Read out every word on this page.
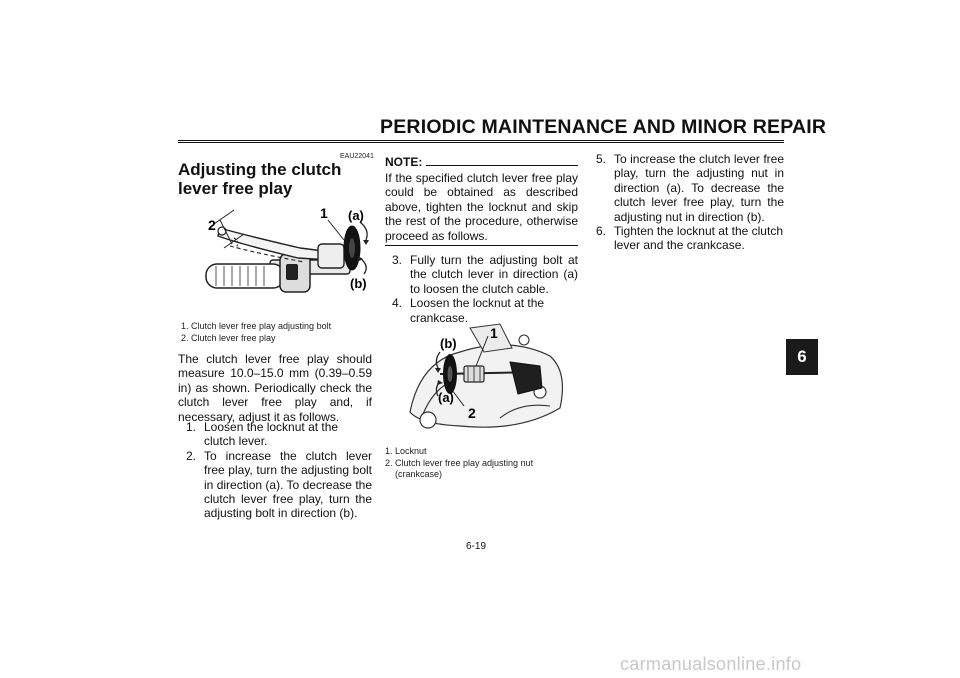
PERIODIC MAINTENANCE AND MINOR REPAIR
6
EAU22041
Adjusting the clutch lever free play
1
2
(a)
(b)
1. Clutch lever free play adjusting bolt
2. Clutch lever free play
The clutch lever free play should measure 10.0–15.0 mm (0.39–0.59 in) as shown. Periodically check the clutch lever free play and, if necessary, adjust it as follows.
1. Loosen the locknut at the clutch lever.
2. To increase the clutch lever free play, turn the adjusting bolt in direction (a). To decrease the clutch lever free play, turn the adjusting bolt in direction (b).
NOTE:
If the specified clutch lever free play could be obtained as described above, tighten the locknut and skip the rest of the procedure, otherwise proceed as follows.
3. Fully turn the adjusting bolt at the clutch lever in direction (a) to loosen the clutch cable.
4. Loosen the locknut at the crankcase.
1
2
(a)
(b)
1. Locknut
2. Clutch lever free play adjusting nut (crankcase)
5. To increase the clutch lever free play, turn the adjusting nut in direction (a). To decrease the clutch lever free play, turn the adjusting nut in direction (b).
6. Tighten the locknut at the clutch lever and the crankcase.
6-19
carmanualsonline.info
